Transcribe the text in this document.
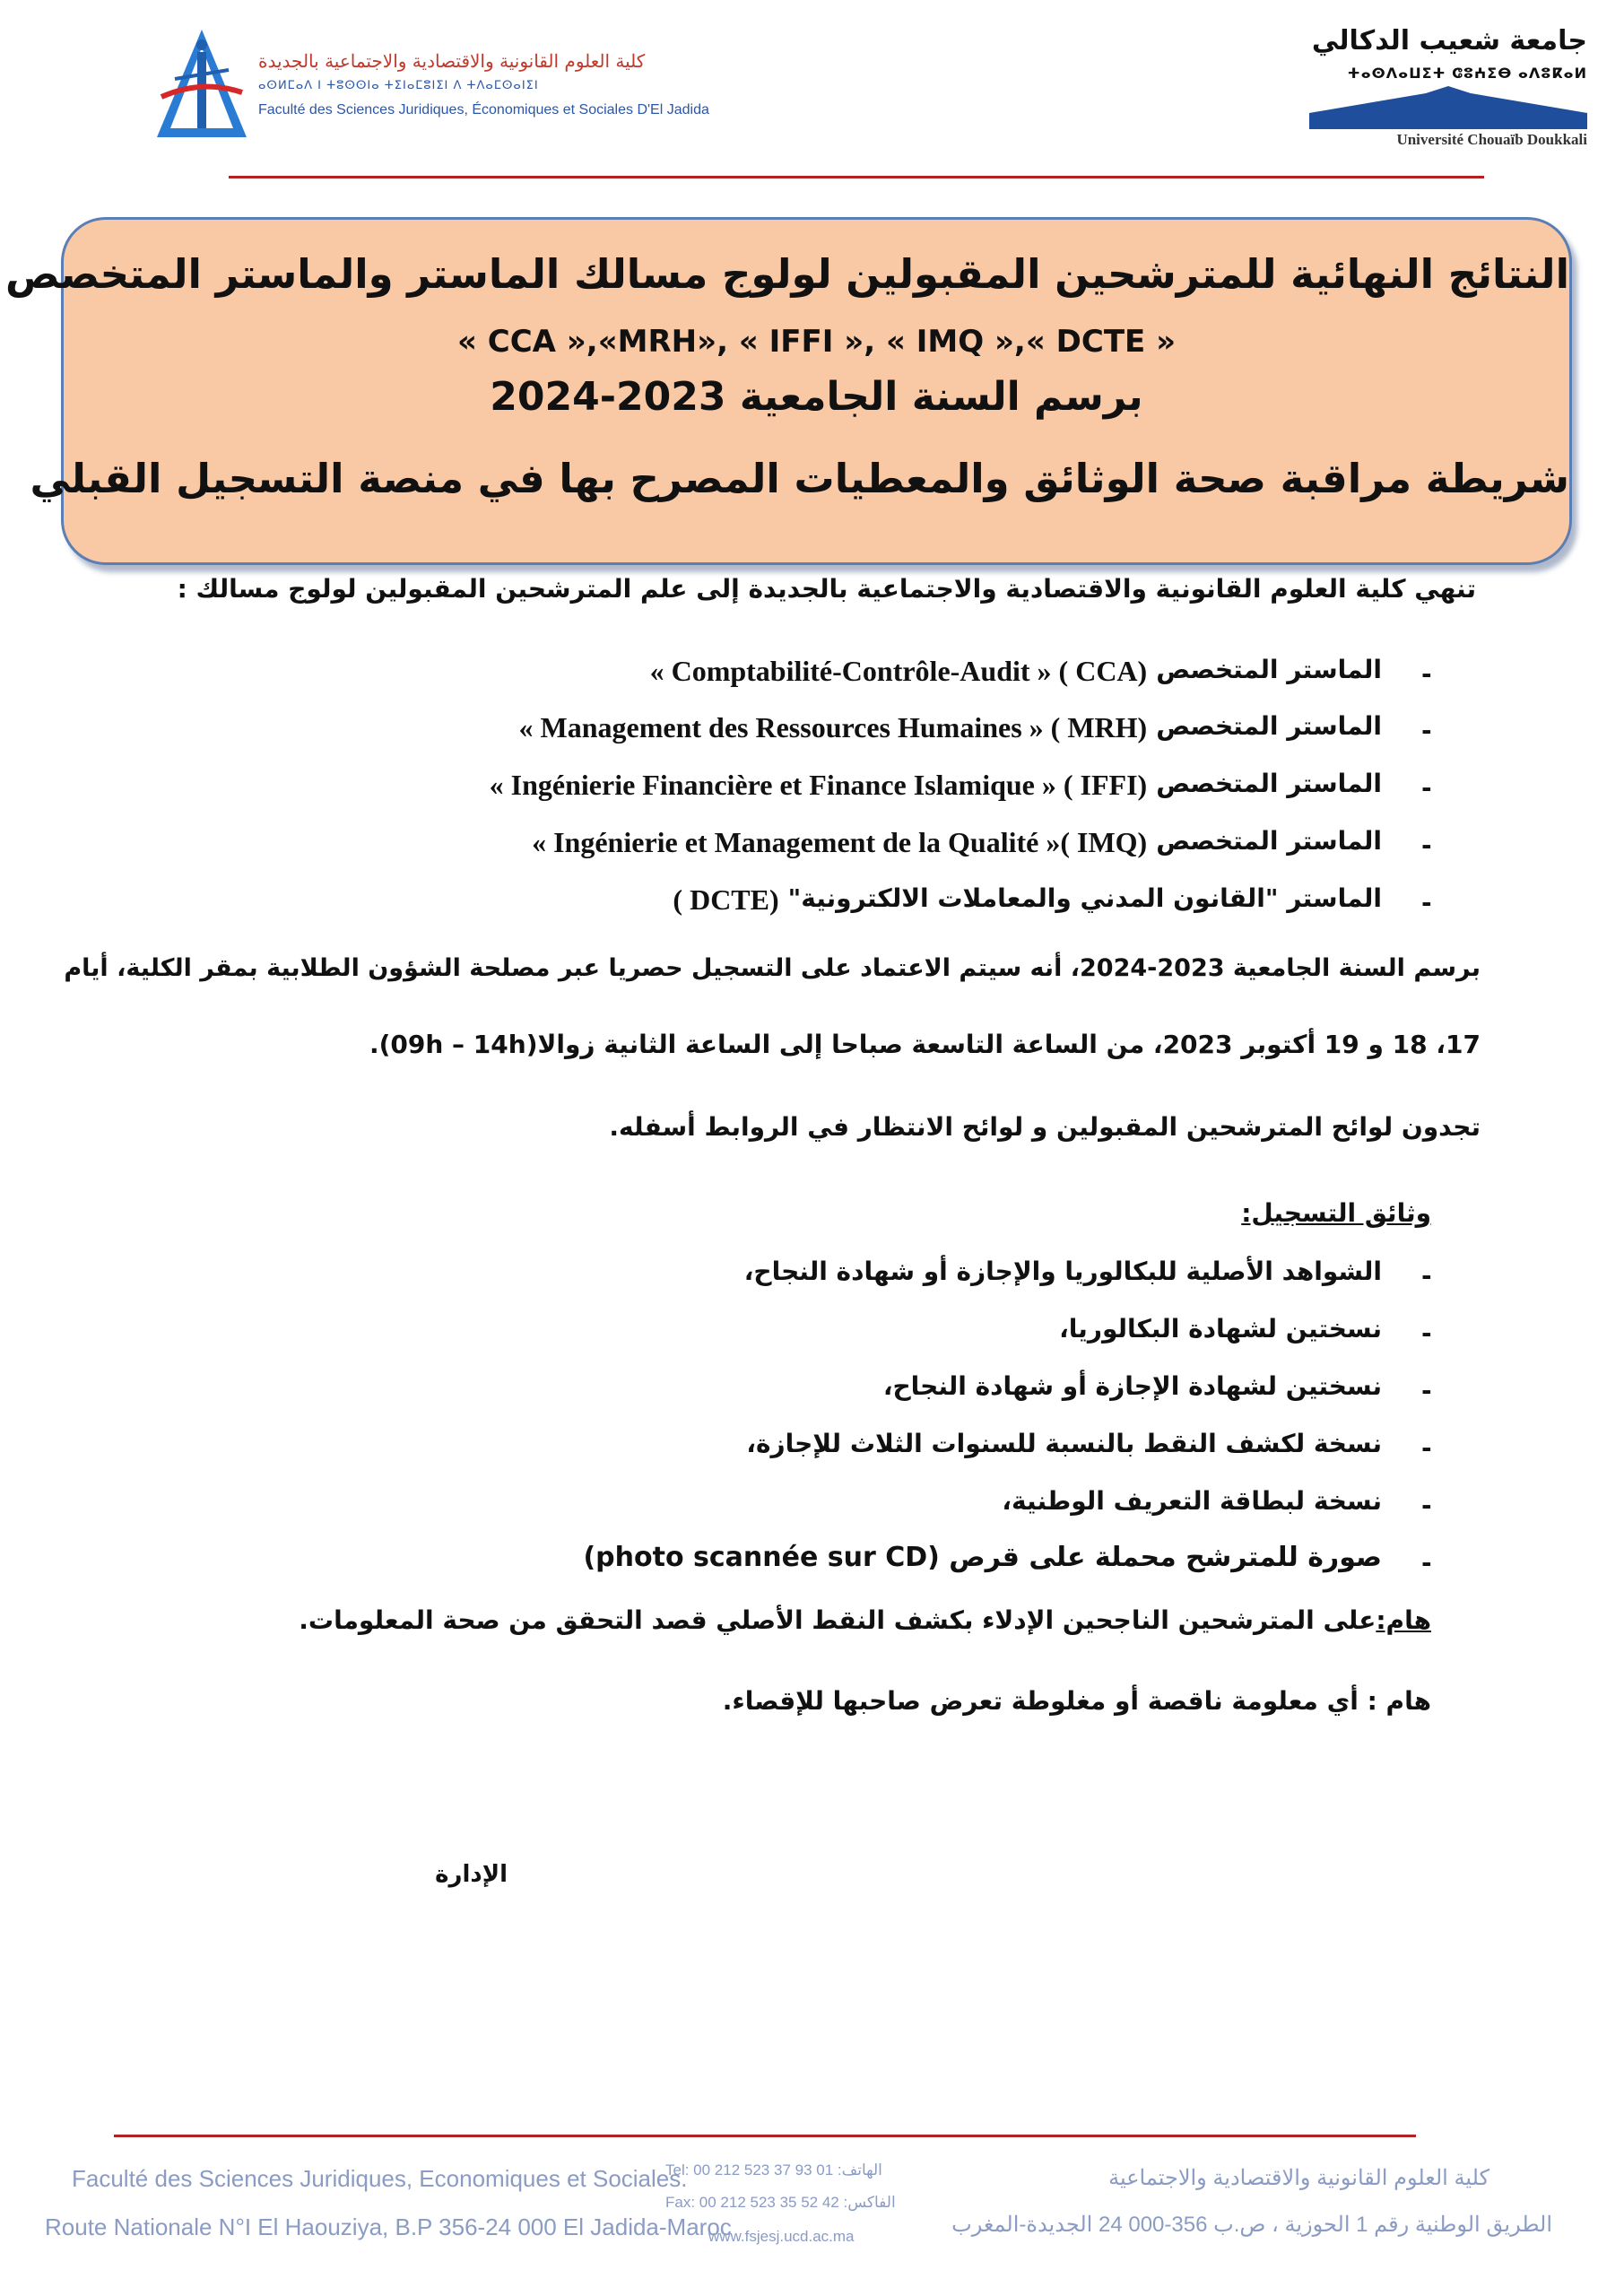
كلية العلوم القانونية والاقتصادية والاجتماعية بالجديدة
ⴰⵙⵍⵎⴰⴷ ⵏ ⵜⵓⵙⵙⵏⴰ ⵜⵉⵏⴰⵎⵓⵏⵉⵏ ⴷ ⵜⴷⴰⵎⵙⴰⵏⵉⵏ
Faculté des Sciences Juridiques, Économiques et Sociales D'El Jadida
جامعة شعيب الدكالي
ⵜⴰⵙⴷⴰⵡⵉⵜ ⵛⵓⵄⵉⴱ ⴰⴷⵓⴽⴰⵍ
Université Chouaïb Doukkali
النتائج النهائية للمترشحين المقبولين لولوج مسالك الماستر والماستر المتخصص
« CCA »,«MRH», « IFFI », « IMQ »,« DCTE »
برسم السنة الجامعية 2023-2024
شريطة مراقبة صحة الوثائق والمعطيات المصرح بها في منصة التسجيل القبلي
تنهي كلية العلوم القانونية والاقتصادية والاجتماعية بالجديدة إلى علم المترشحين المقبولين لولوج مسالك :
-
الماستر المتخصص
« Comptabilité-Contrôle-Audit » ( CCA)
-
الماستر المتخصص
« Management des Ressources Humaines » ( MRH)
-
الماستر المتخصص
« Ingénierie Financière et Finance Islamique » ( IFFI)
-
الماستر المتخصص
« Ingénierie et Management de la Qualité »( IMQ)
-
الماستر "القانون المدني والمعاملات الالكترونية"
( DCTE)
برسم السنة الجامعية 2023-2024، أنه سيتم الاعتماد على التسجيل حصريا عبر مصلحة الشؤون الطلابية بمقر الكلية، أيام
17، 18 و 19 أكتوبر 2023، من الساعة التاسعة صباحا إلى الساعة الثانية زوالا(09h – 14h).
تجدون لوائح المترشحين المقبولين و لوائح الانتظار في الروابط أسفله.
وثائق التسجيل:
-
الشواهد الأصلية للبكالوريا والإجازة أو شهادة النجاح،
-
نسختين لشهادة البكالوريا،
-
نسختين لشهادة الإجازة أو شهادة النجاح،
-
نسخة لكشف النقط بالنسبة للسنوات الثلاث للإجازة،
-
نسخة لبطاقة التعريف الوطنية،
-
صورة للمترشح محملة على قرص (photo scannée sur CD)
هام:على المترشحين الناجحين الإدلاء بكشف النقط الأصلي قصد التحقق من صحة المعلومات.
هام : أي معلومة ناقصة أو مغلوطة تعرض صاحبها للإقصاء.
الإدارة
Faculté des Sciences Juridiques, Economiques et Sociales.
Route Nationale N°I El Haouziya, B.P 356-24 000 El Jadida-Maroc
Tel: 00 212 523 37 93 01 :الهاتف
Fax: 00 212 523 35 52 42 :الفاكس
www.fsjesj.ucd.ac.ma
كلية العلوم القانونية والاقتصادية والاجتماعية
الطريق الوطنية رقم 1 الحوزية ، ص.ب 356-000 24 الجديدة-المغرب
